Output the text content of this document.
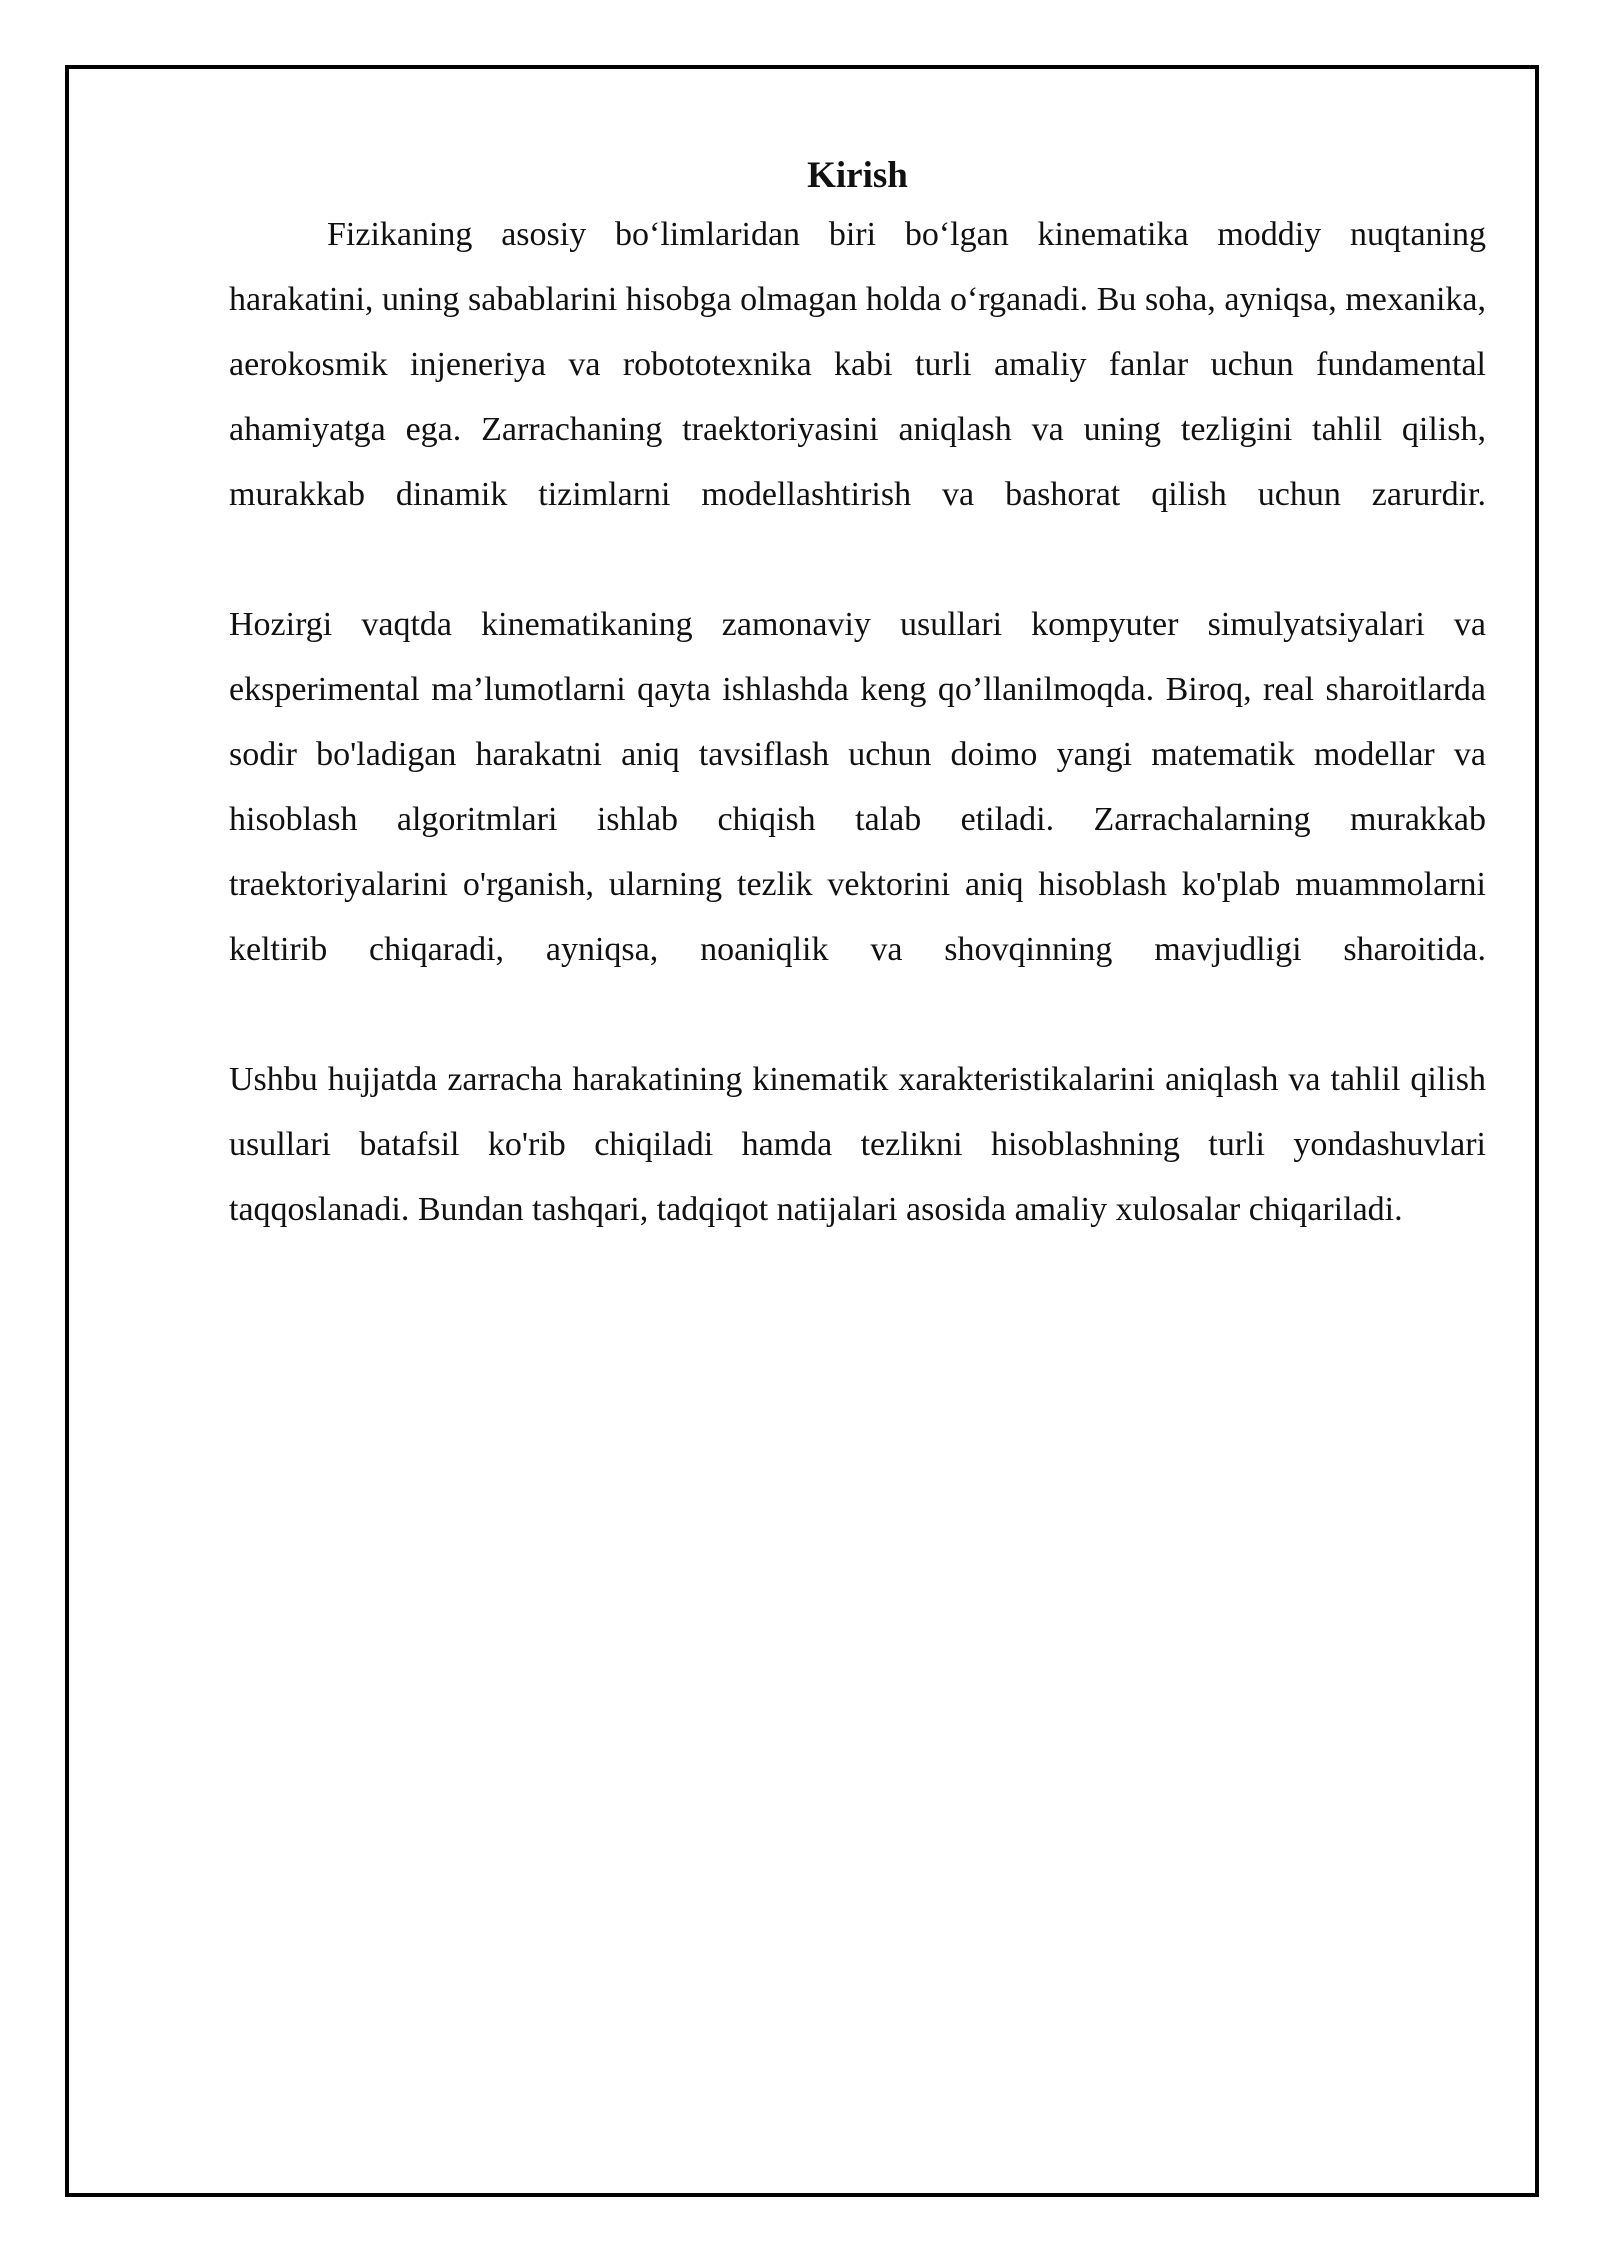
Kirish

Fizikaning asosiy bo‘limlaridan biri bo‘lgan kinematika moddiy nuqtaning harakatini, uning sabablarini hisobga olmagan holda o‘rganadi. Bu soha, ayniqsa, mexanika, aerokosmik injeneriya va robototexnika kabi turli amaliy fanlar uchun fundamental ahamiyatga ega. Zarrachaning traektoriyasini aniqlash va uning tezligini tahlil qilish, murakkab dinamik tizimlarni modellashtirish va bashorat qilish uchun zarurdir.

Hozirgi vaqtda kinematikaning zamonaviy usullari kompyuter simulyatsiyalari va eksperimental ma’lumotlarni qayta ishlashda keng qo’llanilmoqda. Biroq, real sharoitlarda sodir bo'ladigan harakatni aniq tavsiflash uchun doimo yangi matematik modellar va hisoblash algoritmlari ishlab chiqish talab etiladi. Zarrachalarning murakkab traektoriyalarini o'rganish, ularning tezlik vektorini aniq hisoblash ko'plab muammolarni keltirib chiqaradi, ayniqsa, noaniqlik va shovqinning mavjudligi sharoitida.

Ushbu hujjatda zarracha harakatining kinematik xarakteristikalarini aniqlash va tahlil qilish usullari batafsil ko'rib chiqiladi hamda tezlikni hisoblashning turli yondashuvlari taqqoslanadi. Bundan tashqari, tadqiqot natijalari asosida amaliy xulosalar chiqariladi.
